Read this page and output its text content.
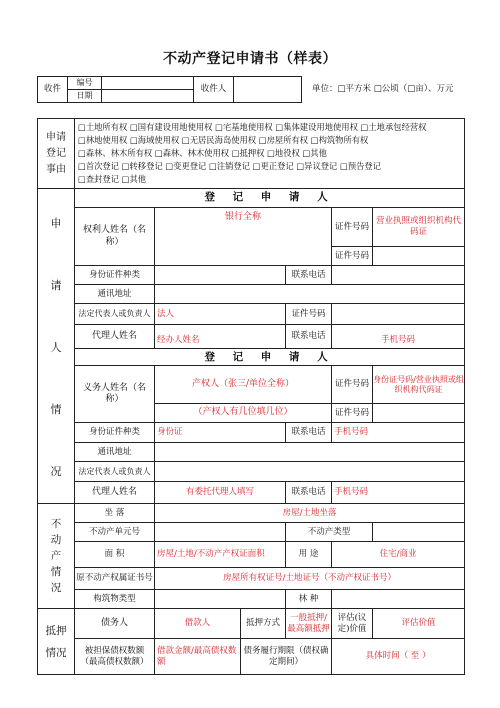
不动产登记申请书（样表）
收件	编号		收件人		单位：□平方米 □公顷（□亩）、万元
	日期				
申请登记事由	□土地所有权 □国有建设用地使用权 □宅基地使用权 □集体建设用地使用权 □土地承包经营权
□林地使用权 □海域使用权 □无居民海岛使用权 □房屋所有权 □构筑物所有权
□森林、林木所有权 □森林、林木使用权 □抵押权 □地役权 □其他
□首次登记 □转移登记 □变更登记 □注销登记 □更正登记 □异议登记 □预告登记
□查封登记 □其他					

申请人情况	登 记 申 请 人					
	权利人姓名（名称）	银行全称			证件号码	营业执照或组织机构代码证
					证件号码	
	身份证件种类			联系电话		
	通讯地址					
	法定代表人或负责人	法人		证件号码		
	代理人姓名	经办人姓名		联系电话	手机号码	
	登 记 申 请 人					
	义务人姓名（名称）	产权人（张三/单位全称）			证件号码	身份证号码/营业执照或组织机构代码证
		（产权人有几位填几位）			证件号码	
	身份证件种类	身份证		联系电话	手机号码	
	通讯地址					
	法定代表人或负责人					
	代理人姓名	有委托代理人填写		联系电话	手机号码	
不动产情况	坐 落	房屋/土地坐落				
	不动产单元号			不动产类型		
	面 积	房屋/土地/不动产产权证面积		用 途	住宅/商业	
	原不动产权属证书号	房屋所有权证号/土地证号（不动产权证书号）				
	构筑物类型			林 种		
抵押情况	债务人	借款人	抵押方式	一般抵押/最高额抵押	评估(议定)价值	评估价值
	被担保债权数额（最高债权数额）	借款金额/最高债权数额	债务履行期限（债权确定期间）		具体时间（ 至 ）	
